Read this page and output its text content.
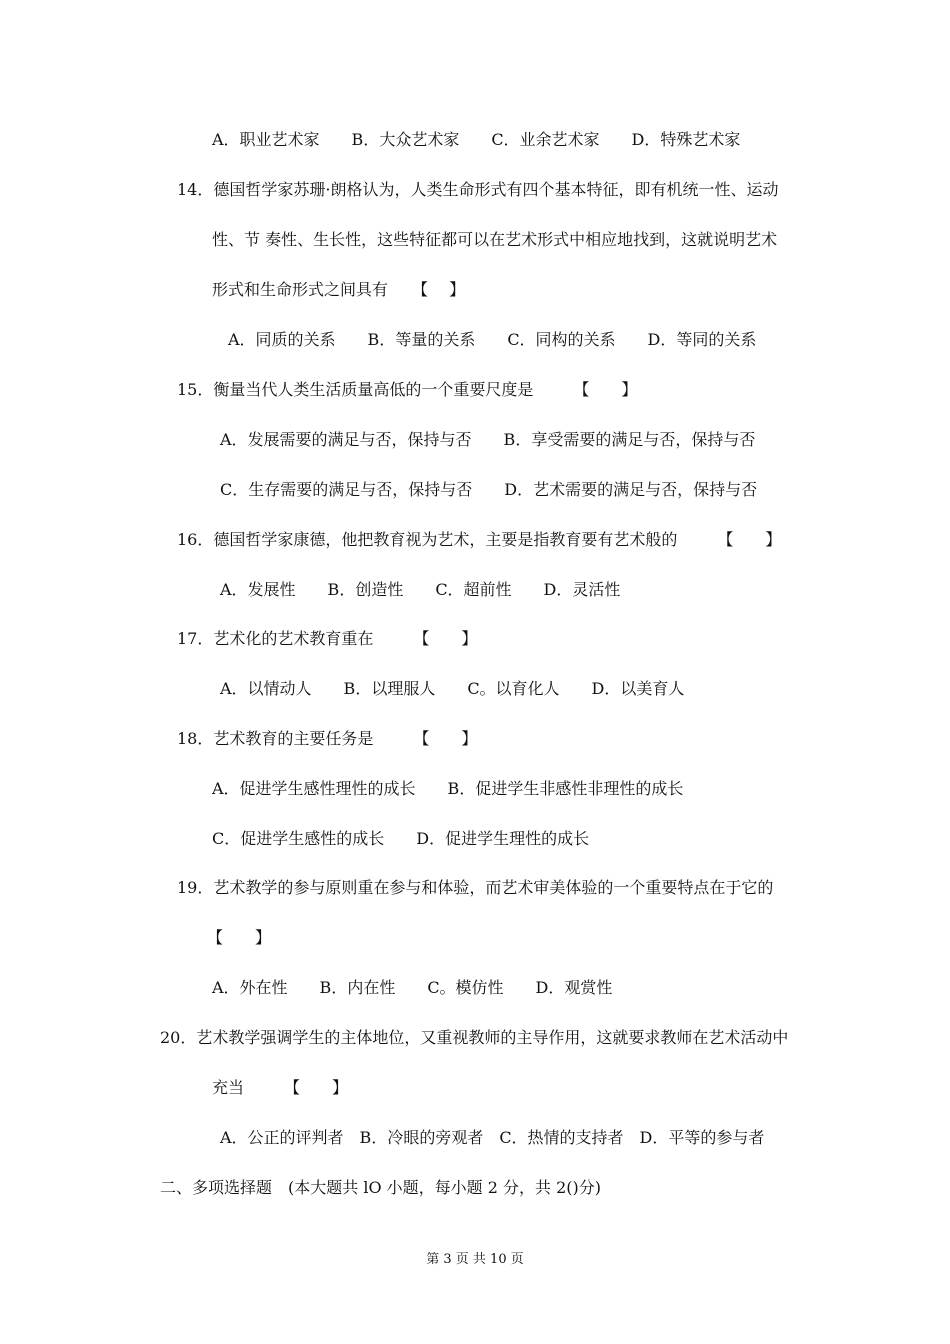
A．职业艺术家　　B．大众艺术家　　C．业余艺术家　　D．特殊艺术家
14．德国哲学家苏珊·朗格认为，人类生命形式有四个基本特征，即有机统一性、运动
性、节 奏性、生长性，这些特征都可以在艺术形式中相应地找到，这就说明艺术
形式和生命形式之间具有　　【　 】
A．同质的关系　　B．等量的关系　　C．同构的关系　　D．等同的关系
15．衡量当代人类生活质量高低的一个重要尺度是　　　【　　】
A．发展需要的满足与否，保持与否　　B．享受需要的满足与否，保持与否
C．生存需要的满足与否，保持与否　　D．艺术需要的满足与否，保持与否
16．德国哲学家康德，他把教育视为艺术，主要是指教育要有艺术般的　　　【　　】
A．发展性　　B．创造性　　C．超前性　　D．灵活性
17．艺术化的艺术教育重在　　　【　　】
A．以情动人　　B．以理服人　　C。以育化人　　D．以美育人
18．艺术教育的主要任务是　　　【　　】
A．促进学生感性理性的成长　　B．促进学生非感性非理性的成长
C．促进学生感性的成长　　D．促进学生理性的成长
19．艺术教学的参与原则重在参与和体验，而艺术审美体验的一个重要特点在于它的
【　　】
A．外在性　　B．内在性　　C。模仿性　　D．观赏性
20．艺术教学强调学生的主体地位，又重视教师的主导作用，这就要求教师在艺术活动中
充当　　　【　　】
A．公正的评判者　B．冷眼的旁观者　C．热情的支持者　D．平等的参与者
二、多项选择题　(本大题共 lO 小题，每小题 2 分，共 2()分)
第 3 页 共 10 页
